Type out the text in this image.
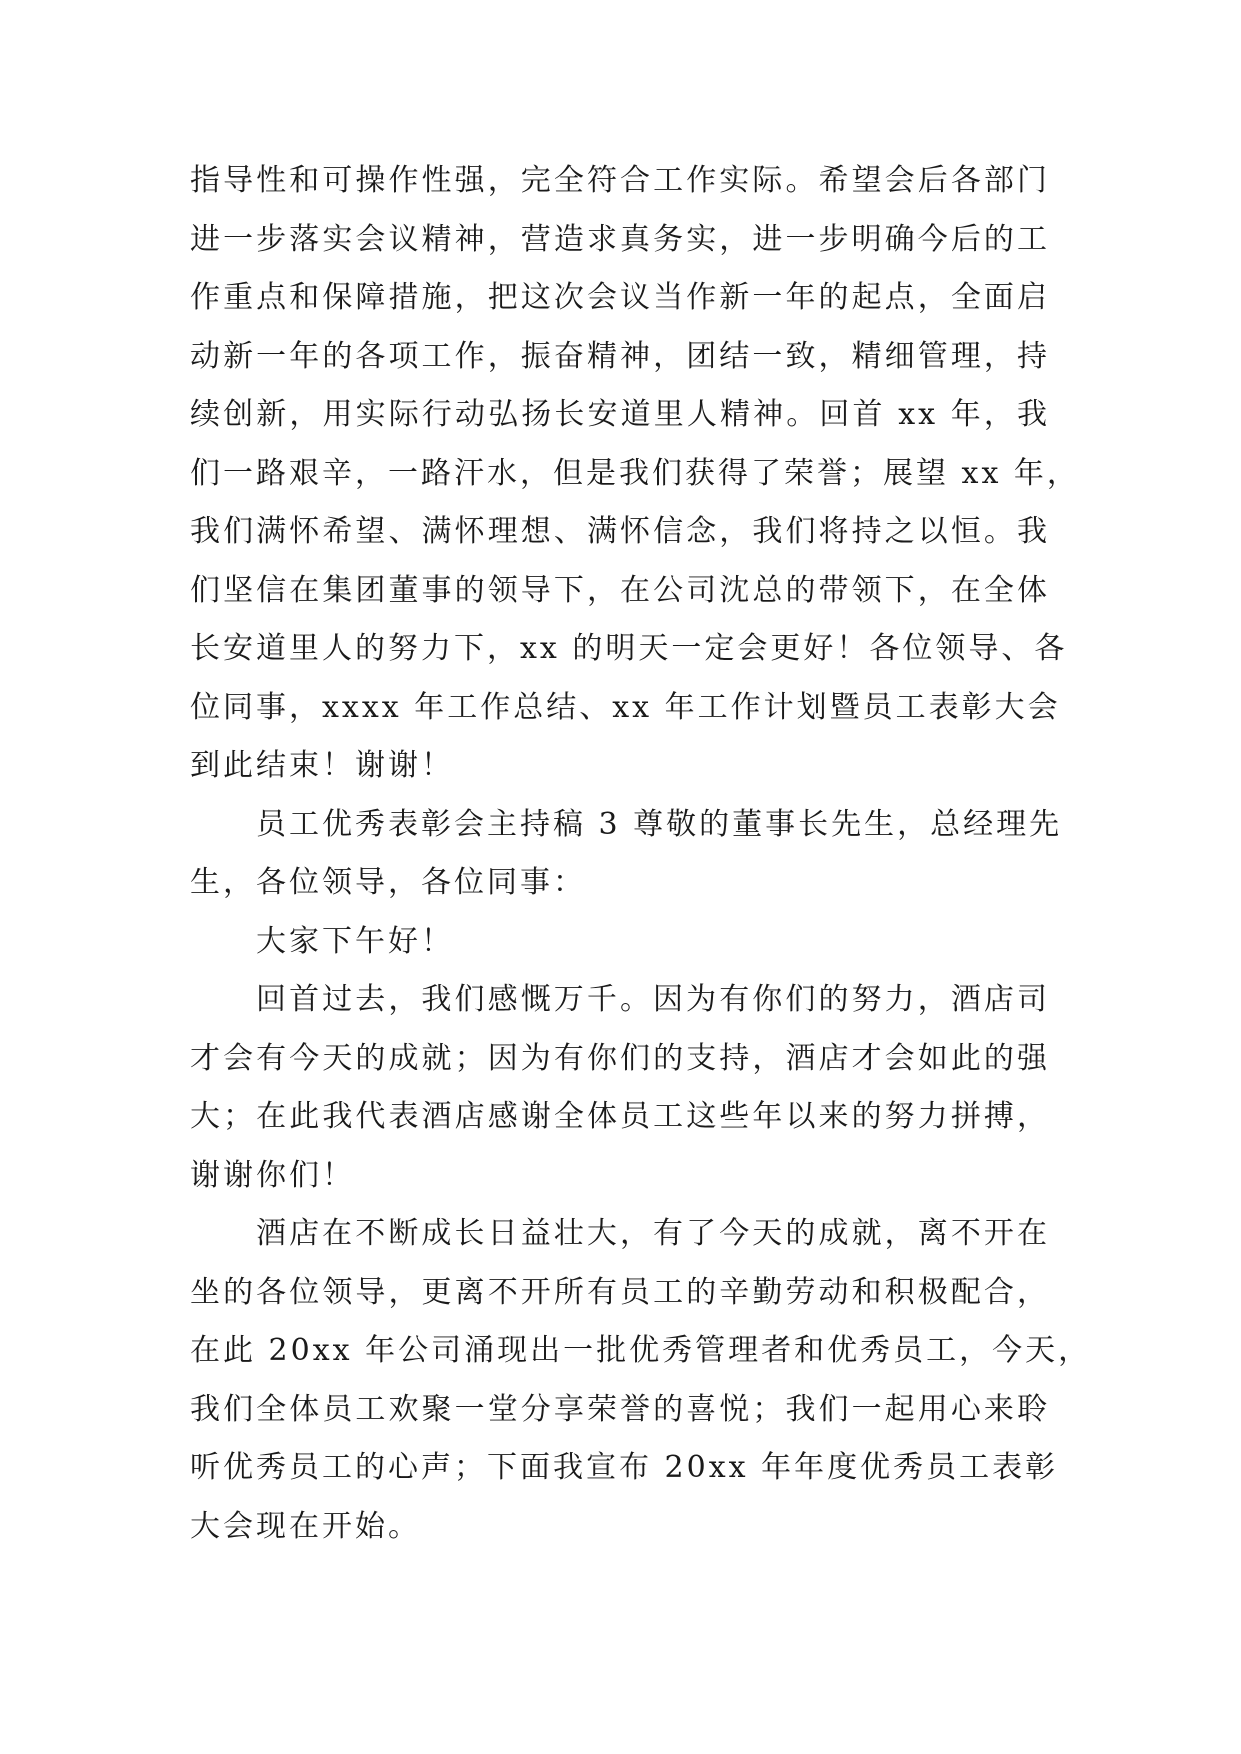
指导性和可操作性强，完全符合工作实际。希望会后各部门
进一步落实会议精神，营造求真务实，进一步明确今后的工
作重点和保障措施，把这次会议当作新一年的起点，全面启
动新一年的各项工作，振奋精神，团结一致，精细管理，持
续创新，用实际行动弘扬长安道里人精神。回首 xx 年，我
们一路艰辛，一路汗水，但是我们获得了荣誉；展望 xx 年，
我们满怀希望、满怀理想、满怀信念，我们将持之以恒。我
们坚信在集团董事的领导下，在公司沈总的带领下，在全体
长安道里人的努力下，xx 的明天一定会更好！各位领导、各
位同事，xxxx 年工作总结、xx 年工作计划暨员工表彰大会
到此结束！谢谢！
员工优秀表彰会主持稿 3 尊敬的董事长先生，总经理先
生，各位领导，各位同事：
大家下午好！
回首过去，我们感慨万千。因为有你们的努力，酒店司
才会有今天的成就；因为有你们的支持，酒店才会如此的强
大；在此我代表酒店感谢全体员工这些年以来的努力拼搏，
谢谢你们！
酒店在不断成长日益壮大，有了今天的成就，离不开在
坐的各位领导，更离不开所有员工的辛勤劳动和积极配合，
在此 20xx 年公司涌现出一批优秀管理者和优秀员工，今天，
我们全体员工欢聚一堂分享荣誉的喜悦；我们一起用心来聆
听优秀员工的心声；下面我宣布 20xx 年年度优秀员工表彰
大会现在开始。
